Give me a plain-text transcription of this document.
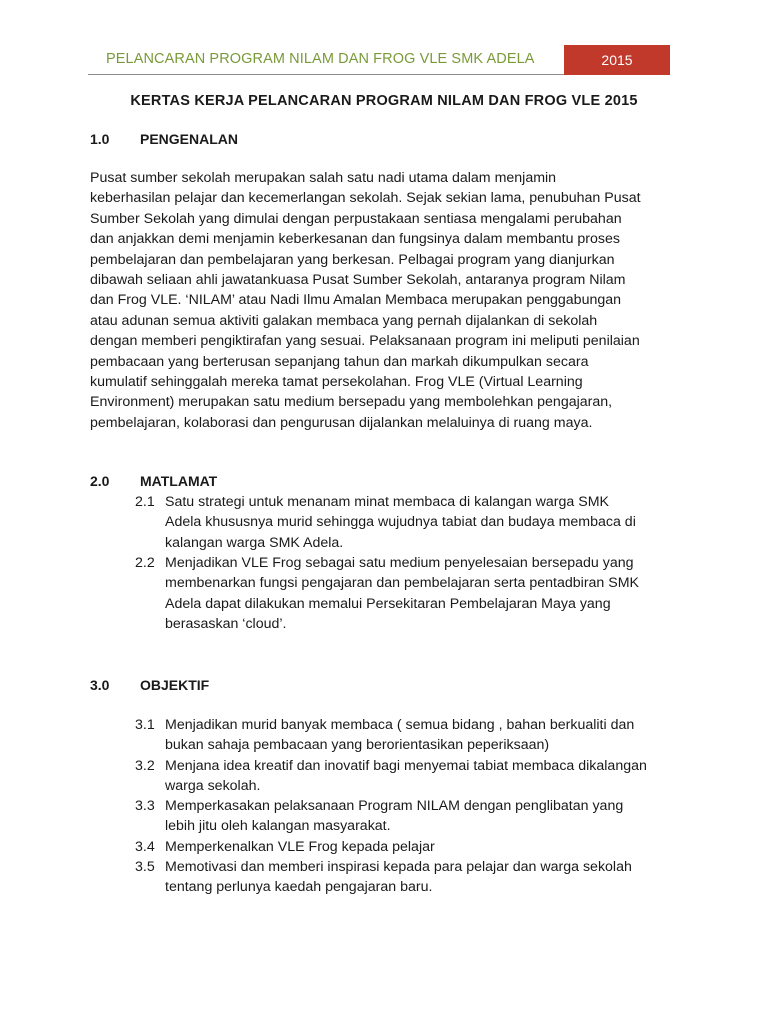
PELANCARAN PROGRAM NILAM DAN FROG VLE SMK ADELA	2015
KERTAS KERJA PELANCARAN PROGRAM NILAM DAN FROG VLE 2015
1.0 PENGENALAN
Pusat sumber sekolah merupakan salah satu nadi utama dalam menjamin
keberhasilan pelajar dan kecemerlangan sekolah. Sejak sekian lama, penubuhan Pusat
Sumber Sekolah yang dimulai dengan perpustakaan sentiasa mengalami perubahan
dan anjakkan demi menjamin keberkesanan dan fungsinya dalam membantu proses
pembelajaran dan pembelajaran yang berkesan. Pelbagai program yang dianjurkan
dibawah seliaan ahli jawatankuasa Pusat Sumber Sekolah, antaranya program Nilam
dan Frog VLE. ‘NILAM’ atau Nadi Ilmu Amalan Membaca merupakan penggabungan
atau adunan semua aktiviti galakan membaca yang pernah dijalankan di sekolah
dengan memberi pengiktirafan yang sesuai. Pelaksanaan program ini meliputi penilaian
pembacaan yang berterusan sepanjang tahun dan markah dikumpulkan secara
kumulatif sehinggalah mereka tamat persekolahan. Frog VLE (Virtual Learning
Environment) merupakan satu medium bersepadu yang membolehkan pengajaran,
pembelajaran, kolaborasi dan pengurusan dijalankan melaluinya di ruang maya.
2.0 MATLAMAT
2.1 Satu strategi untuk menanam minat membaca di kalangan warga SMK
Adela khususnya murid sehingga wujudnya tabiat dan budaya membaca di
kalangan warga SMK Adela.
2.2 Menjadikan VLE Frog sebagai satu medium penyelesaian bersepadu yang
membenarkan fungsi pengajaran dan pembelajaran serta pentadbiran SMK
Adela dapat dilakukan memalui Persekitaran Pembelajaran Maya yang
berasaskan ‘cloud’.
3.0 OBJEKTIF
3.1 Menjadikan murid banyak membaca ( semua bidang , bahan berkualiti dan
bukan sahaja pembacaan yang berorientasikan peperiksaan)
3.2 Menjana idea kreatif dan inovatif bagi menyemai tabiat membaca dikalangan
warga sekolah.
3.3 Memperkasakan pelaksanaan Program NILAM dengan penglibatan yang
lebih jitu oleh kalangan masyarakat.
3.4 Memperkenalkan VLE Frog kepada pelajar
3.5 Memotivasi dan memberi inspirasi kepada para pelajar dan warga sekolah
tentang perlunya kaedah pengajaran baru.
